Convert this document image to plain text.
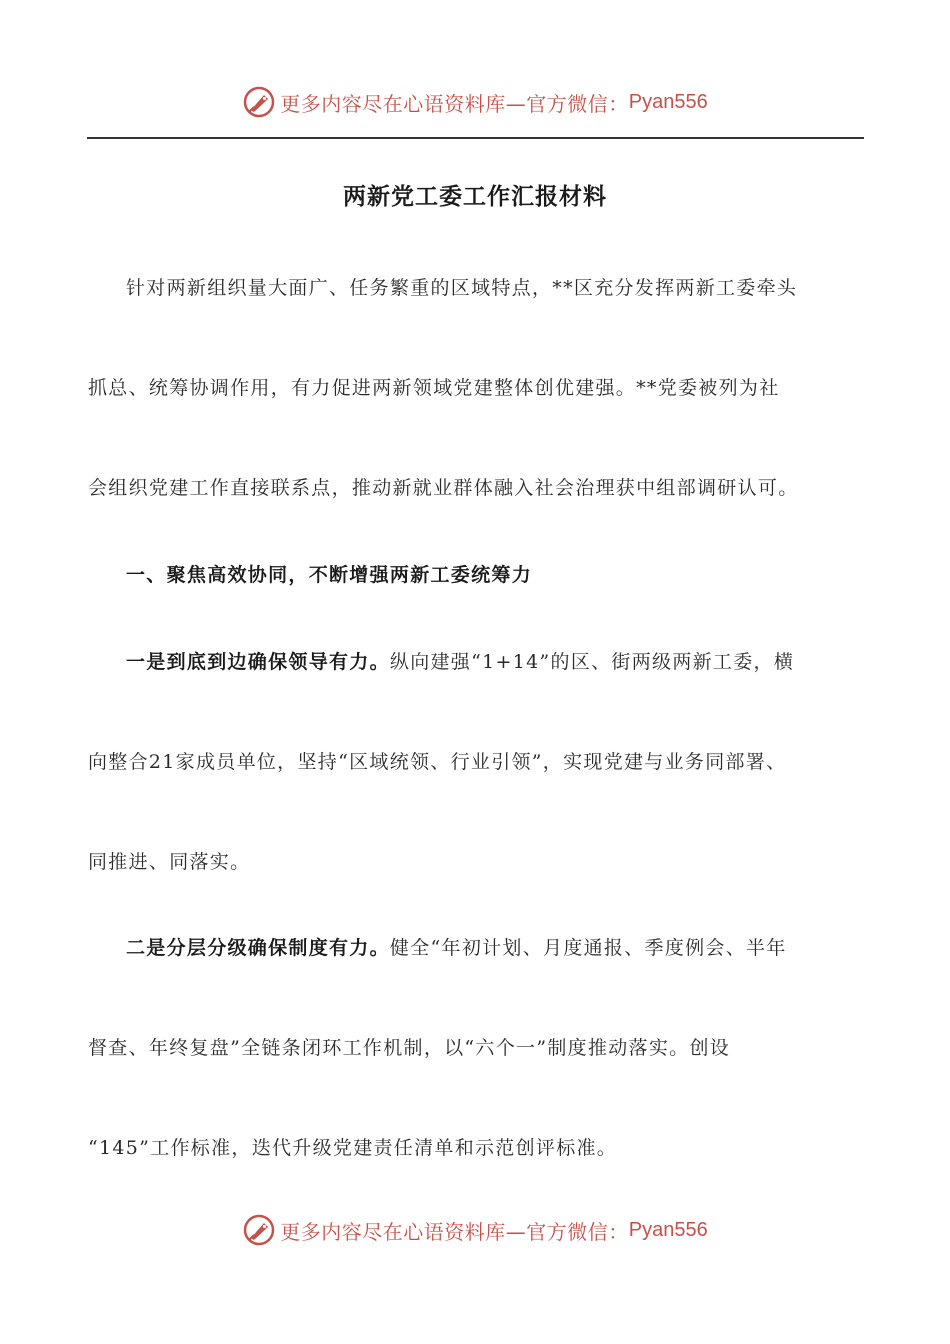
更多内容尽在心语资料库—官方微信： Pyan556
两新党工委工作汇报材料
针对两新组织量大面广、任务繁重的区域特点，**区充分发挥两新工委牵头
抓总、统筹协调作用，有力促进两新领域党建整体创优建强。**党委被列为社
会组织党建工作直接联系点，推动新就业群体融入社会治理获中组部调研认可。
一、聚焦高效协同，不断增强两新工委统筹力
一是到底到边确保领导有力。纵向建强“1+14”的区、街两级两新工委，横
向整合21家成员单位，坚持“区域统领、行业引领”，实现党建与业务同部署、
同推进、同落实。
二是分层分级确保制度有力。健全“年初计划、月度通报、季度例会、半年
督查、年终复盘”全链条闭环工作机制，以“六个一”制度推动落实。创设
“145”工作标准，迭代升级党建责任清单和示范创评标准。
更多内容尽在心语资料库—官方微信： Pyan556
